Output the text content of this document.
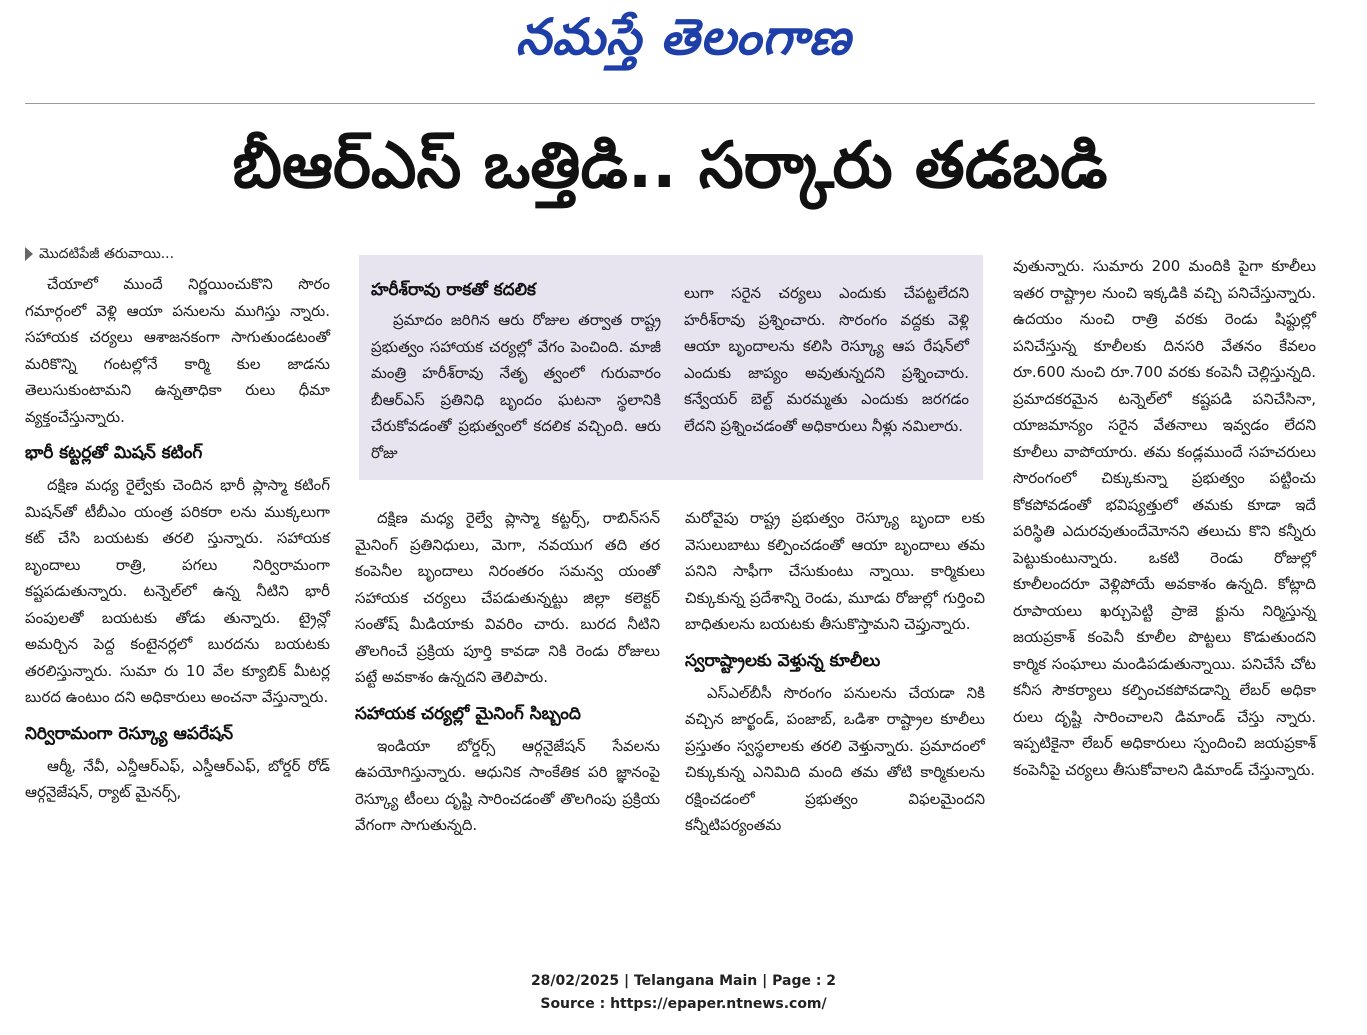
నమస్తే తెలంగాణ
బీఆర్‌ఎస్‌ ఒత్తిడి.. సర్కారు తడబడి
మొదటిపేజీ తరువాయి...

చేయాలో ముందే నిర్ణయించుకొని సొరం గమార్గంలో వెళ్లి ఆయా పనులను ముగిస్తు న్నారు. సహాయక చర్యలు ఆశాజనకంగా సాగుతుండటంతో మరికొన్ని గంటల్లోనే కార్మి కుల జాడను తెలుసుకుంటామని ఉన్నతాధికా రులు ధీమా వ్యక్తంచేస్తున్నారు.

భారీ కట్టర్లతో మిషన్‌ కటింగ్‌

దక్షిణ మధ్య రైల్వేకు చెందిన భారీ ప్లాస్మా కటింగ్‌ మిషన్‌తో టీబీఎం యంత్ర పరికరా లను ముక్కలుగా కట్‌ చేసి బయటకు తరలి స్తున్నారు. సహాయక బృందాలు రాత్రి, పగలు నిర్విరామంగా కష్టపడుతున్నారు. టన్నెల్‌లో ఉన్న నీటిని భారీ పంపులతో బయటకు తోడు తున్నారు. ట్రైన్లో అమర్చిన పెద్ద కంటైనర్లలో బురదను బయటకు తరలిస్తున్నారు. సుమా రు 10 వేల క్యూబిక్‌ మీటర్ల బురద ఉంటుం దని అధికారులు అంచనా వేస్తున్నారు.

నిర్విరామంగా రెస్క్యూ ఆపరేషన్‌

ఆర్మీ, నేవీ, ఎన్డీఆర్‌ఎఫ్‌, ఎస్డీఆర్‌ఎఫ్‌, బోర్డర్‌ రోడ్‌ ఆర్గనైజేషన్‌, ర్యాట్‌ మైనర్స్‌,

హరీశ్‌రావు రాకతో కదలిక

ప్రమాదం జరిగిన ఆరు రోజుల తర్వాత రాష్ట్ర ప్రభుత్వం సహాయక చర్యల్లో వేగం పెంచింది. మాజీ మంత్రి హరీశ్‌రావు నేతృ త్వంలో గురువారం బీఆర్‌ఎస్‌ ప్రతినిధి బృందం ఘటనా స్థలానికి చేరుకోవడంతో ప్రభుత్వంలో కదలిక వచ్చింది. ఆరు రోజు

లుగా సరైన చర్యలు ఎందుకు చేపట్టలేదని హరీశ్‌రావు ప్రశ్నించారు. సొరంగం వద్దకు వెళ్లి ఆయా బృందాలను కలిసి రెస్క్యూ ఆప రేషన్‌లో ఎందుకు జాప్యం అవుతున్నదని ప్రశ్నించారు. కన్వేయర్‌ బెల్ట్‌ మరమ్మతు ఎందుకు జరగడం లేదని ప్రశ్నించడంతో అధికారులు నీళ్లు నమిలారు.

దక్షిణ మధ్య రైల్వే ప్లాస్మా కట్టర్స్‌, రాబిన్‌సన్‌ మైనింగ్‌ ప్రతినిధులు, మెగా, నవయుగ తది తర కంపెనీల బృందాలు నిరంతరం సమన్వ యంతో సహాయక చర్యలు చేపడుతున్నట్టు జిల్లా కలెక్టర్‌ సంతోష్‌ మీడియాకు వివరిం చారు. బురద నీటిని తొలగించే ప్రక్రియ పూర్తి కావడా నికి రెండు రోజులు పట్టే అవకాశం ఉన్నదని తెలిపారు.

సహాయక చర్యల్లో మైనింగ్‌ సిబ్బంది

ఇండియా బోర్డర్స్‌ ఆర్గనైజేషన్‌ సేవలను ఉపయోగిస్తున్నారు. ఆధునిక సాంకేతిక పరి జ్ఞానంపై రెస్క్యూ టీంలు దృష్టి సారించడంతో తొలగింపు ప్రక్రియ వేగంగా సాగుతున్నది.

మరోవైపు రాష్ట్ర ప్రభుత్వం రెస్క్యూ బృందా లకు వెసులుబాటు కల్పించడంతో ఆయా బృందాలు తమ పనిని సాఫీగా చేసుకుంటు న్నాయి. కార్మికులు చిక్కుకున్న ప్రదేశాన్ని రెండు, మూడు రోజుల్లో గుర్తించి బాధితులను బయటకు తీసుకొస్తామని చెప్తున్నారు.

స్వరాష్ట్రాలకు వెళ్తున్న కూలీలు

ఎస్‌ఎల్‌బీసీ సొరంగం పనులను చేయడా నికి వచ్చిన జార్ఖండ్‌, పంజాబ్‌, ఒడిశా రాష్ట్రాల కూలీలు ప్రస్తుతం స్వస్థలాలకు తరలి వెళ్తున్నారు. ప్రమాదంలో చిక్కుకున్న ఎనిమిది మంది తమ తోటి కార్మికులను రక్షించడంలో ప్రభుత్వం విఫలమైందని కన్నీటిపర్యంతమ

వుతున్నారు. సుమారు 200 మందికి పైగా కూలీలు ఇతర రాష్ట్రాల నుంచి ఇక్కడికి వచ్చి పనిచేస్తున్నారు. ఉదయం నుంచి రాత్రి వరకు రెండు షిఫ్టుల్లో పనిచేస్తున్న కూలీలకు దినసరి వేతనం కేవలం రూ.600 నుంచి రూ.700 వరకు కంపెనీ చెల్లిస్తున్నది. ప్రమాదకరమైన టన్నెల్‌లో కష్టపడి పనిచేసినా, యాజమాన్యం సరైన వేతనాలు ఇవ్వడం లేదని కూలీలు వాపోయారు. తమ కండ్లముందే సహచరులు సొరంగంలో చిక్కుకున్నా ప్రభుత్వం పట్టించు కోకపోవడంతో భవిష్యత్తులో తమకు కూడా ఇదే పరిస్థితి ఎదురవుతుందేమోనని తలుచు కొని కన్నీరు పెట్టుకుంటున్నారు. ఒకటి రెండు రోజుల్లో కూలీలందరూ వెళ్లిపోయే అవకాశం ఉన్నది. కోట్లాది రూపాయలు ఖర్చుపెట్టి ప్రాజె క్టును నిర్మిస్తున్న జయప్రకాశ్‌ కంపెనీ కూలీల పొట్టలు కొడుతుందని కార్మిక సంఘాలు మండిపడుతున్నాయి. పనిచేసే చోట కనీస సౌకర్యాలు కల్పించకపోవడాన్ని లేబర్‌ అధికా రులు దృష్టి సారించాలని డిమాండ్‌ చేస్తు న్నారు. ఇప్పటికైనా లేబర్‌ అధికారులు స్పందించి జయప్రకాశ్‌ కంపెనీపై చర్యలు తీసుకోవాలని డిమాండ్‌ చేస్తున్నారు.

28/02/2025 | Telangana Main | Page : 2
Source : https://epaper.ntnews.com/
